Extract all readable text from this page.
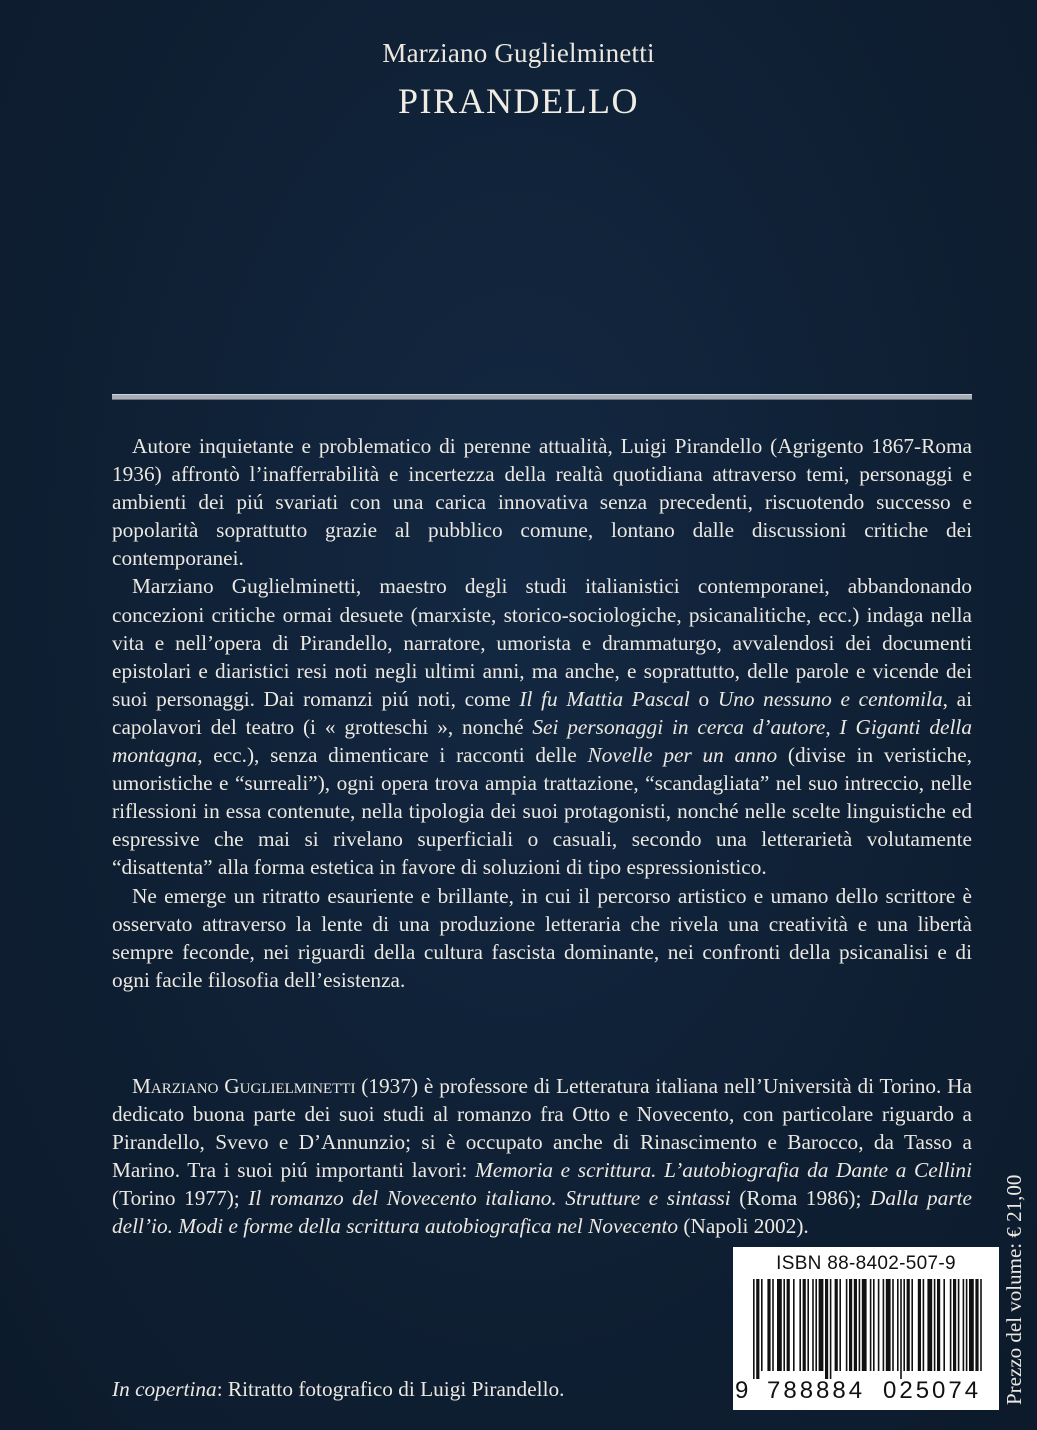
Marziano Guglielminetti
PIRANDELLO

Autore inquietante e problematico di perenne attualità, Luigi Pirandello (Agrigento 1867-Roma 1936) affrontò l’inafferrabilità e incertezza della realtà quotidiana attraverso temi, personaggi e ambienti dei piú svariati con una carica innovativa senza precedenti, riscuotendo successo e popolarità soprattutto grazie al pubblico comune, lontano dalle discussioni critiche dei contemporanei.

Marziano Guglielminetti, maestro degli studi italianistici contemporanei, abbandonando concezioni critiche ormai desuete (marxiste, storico-sociologiche, psicanalitiche, ecc.) indaga nella vita e nell’opera di Pirandello, narratore, umorista e drammaturgo, avvalendosi dei documenti epistolari e diaristici resi noti negli ultimi anni, ma anche, e soprattutto, delle parole e vicende dei suoi personaggi. Dai romanzi piú noti, come Il fu Mattia Pascal o Uno nessuno e centomila, ai capolavori del teatro (i « grotteschi », nonché Sei personaggi in cerca d’autore, I Giganti della montagna, ecc.), senza dimenticare i racconti delle Novelle per un anno (divise in veristiche, umoristiche e “surreali”), ogni opera trova ampia trattazione, “scandagliata” nel suo intreccio, nelle riflessioni in essa contenute, nella tipologia dei suoi protagonisti, nonché nelle scelte linguistiche ed espressive che mai si rivelano superficiali o casuali, secondo una letterarietà volutamente “disattenta” alla forma estetica in favore di soluzioni di tipo espressionistico.

Ne emerge un ritratto esauriente e brillante, in cui il percorso artistico e umano dello scrittore è osservato attraverso la lente di una produzione letteraria che rivela una creatività e una libertà sempre feconde, nei riguardi della cultura fascista dominante, nei confronti della psicanalisi e di ogni facile filosofia dell’esistenza.

Marziano Guglielminetti (1937) è professore di Letteratura italiana nell’Università di Torino. Ha dedicato buona parte dei suoi studi al romanzo fra Otto e Novecento, con particolare riguardo a Pirandello, Svevo e D’Annunzio; si è occupato anche di Rinascimento e Barocco, da Tasso a Marino. Tra i suoi piú importanti lavori: Memoria e scrittura. L’autobiografia da Dante a Cellini (Torino 1977); Il romanzo del Novecento italiano. Strutture e sintassi (Roma 1986); Dalla parte dell’io. Modi e forme della scrittura autobiografica nel Novecento (Napoli 2002).

In copertina: Ritratto fotografico di Luigi Pirandello.	Prezzo del volume: € 21,00
ISBN 88-8402-507-9
9 788884 025074
